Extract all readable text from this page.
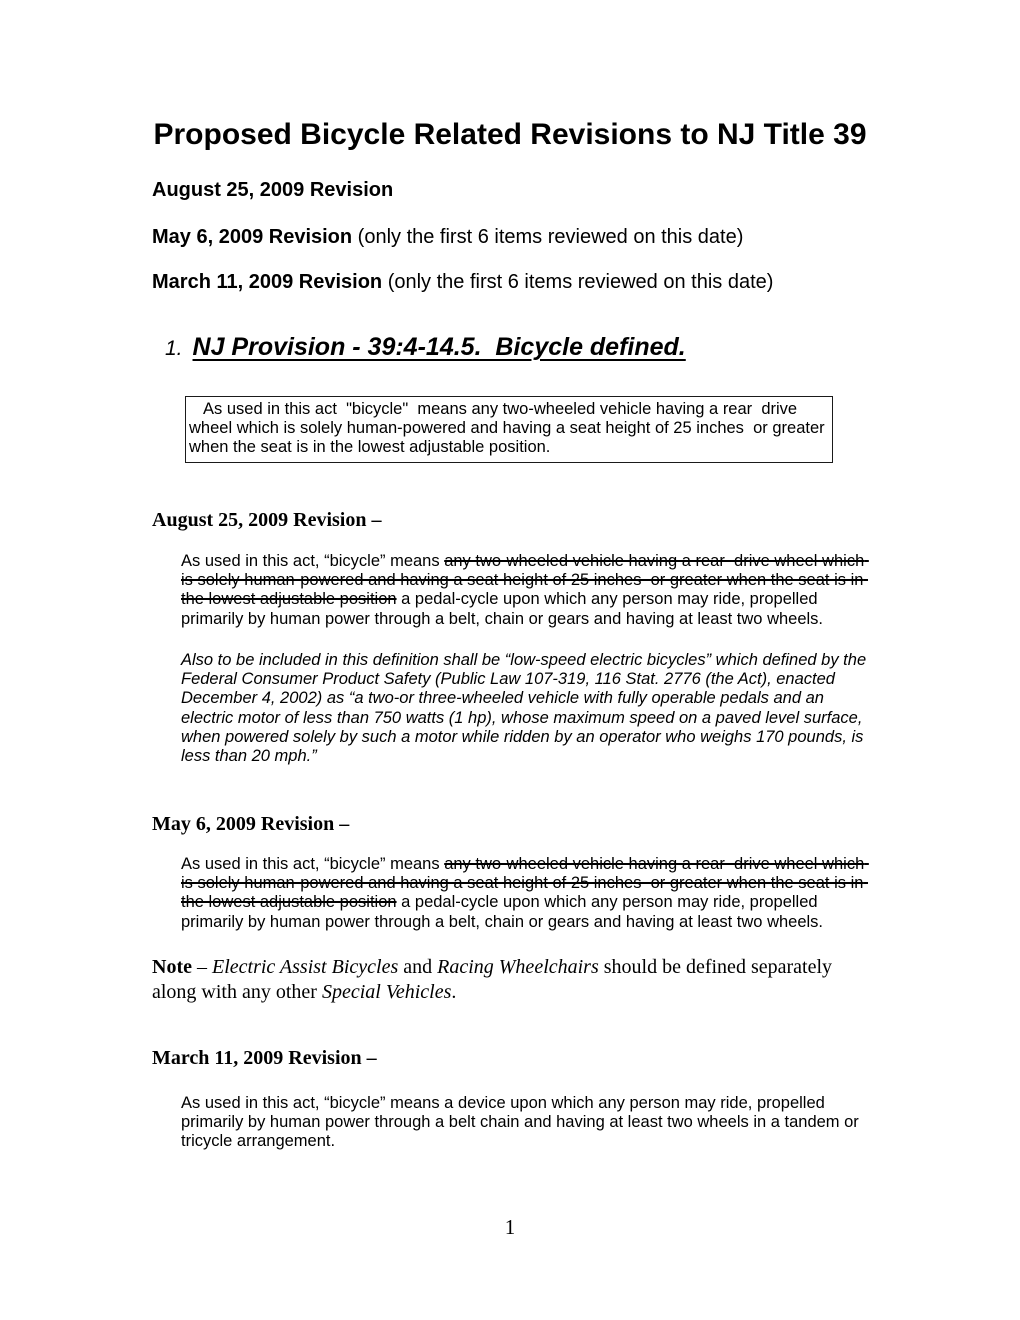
Proposed Bicycle Related Revisions to NJ Title 39
August 25, 2009 Revision
May 6, 2009 Revision (only the first 6 items reviewed on this date)
March 11, 2009 Revision (only the first 6 items reviewed on this date)
1. NJ Provision - 39:4-14.5.  Bicycle defined.

As used in this act  "bicycle"  means any two-wheeled vehicle having a rear  drive wheel which is solely human-powered and having a seat height of 25 inches  or greater when the seat is in the lowest adjustable position.

August 25, 2009 Revision –

As used in this act, “bicycle” means any two-wheeled vehicle having a rear  drive wheel which is solely human-powered and having a seat height of 25 inches  or greater when the seat is in the lowest adjustable position a pedal-cycle upon which any person may ride, propelled primarily by human power through a belt, chain or gears and having at least two wheels.

Also to be included in this definition shall be “low-speed electric bicycles” which defined by the Federal Consumer Product Safety (Public Law 107-319, 116 Stat. 2776 (the Act), enacted December 4, 2002) as “a two-or three-wheeled vehicle with fully operable pedals and an electric motor of less than 750 watts (1 hp), whose maximum speed on a paved level surface, when powered solely by such a motor while ridden by an operator who weighs 170 pounds, is less than 20 mph.”

May 6, 2009 Revision –

As used in this act, “bicycle” means any two-wheeled vehicle having a rear  drive wheel which is solely human-powered and having a seat height of 25 inches  or greater when the seat is in the lowest adjustable position a pedal-cycle upon which any person may ride, propelled primarily by human power through a belt, chain or gears and having at least two wheels.

Note – Electric Assist Bicycles and Racing Wheelchairs should be defined separately along with any other Special Vehicles.

March 11, 2009 Revision –

As used in this act, “bicycle” means a device upon which any person may ride, propelled primarily by human power through a belt chain and having at least two wheels in a tandem or tricycle arrangement.

1
